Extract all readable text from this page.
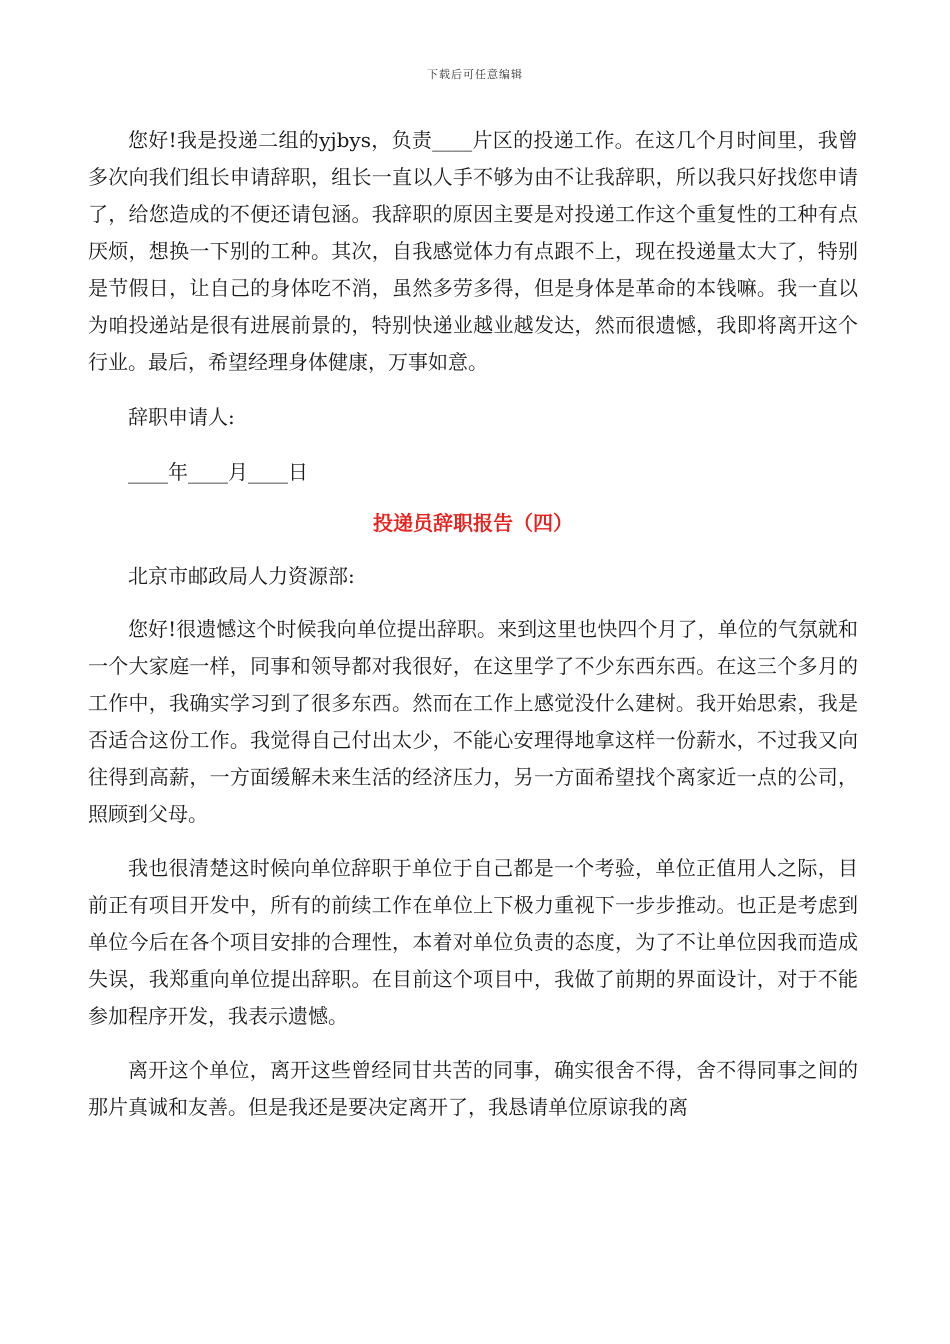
下载后可任意编辑

您好!我是投递二组的yjbys，负责____片区的投递工作。在这几个月时间里，我曾多次向我们组长申请辞职，组长一直以人手不够为由不让我辞职，所以我只好找您申请了，给您造成的不便还请包涵。我辞职的原因主要是对投递工作这个重复性的工种有点厌烦，想换一下别的工种。其次，自我感觉体力有点跟不上，现在投递量太大了，特别是节假日，让自己的身体吃不消，虽然多劳多得，但是身体是革命的本钱嘛。我一直以为咱投递站是很有进展前景的，特别快递业越业越发达，然而很遗憾，我即将离开这个行业。最后，希望经理身体健康，万事如意。

辞职申请人:

____年____月____日

投递员辞职报告（四）

北京市邮政局人力资源部:

您好!很遗憾这个时候我向单位提出辞职。来到这里也快四个月了，单位的气氛就和一个大家庭一样，同事和领导都对我很好，在这里学了不少东西东西。在这三个多月的工作中，我确实学习到了很多东西。然而在工作上感觉没什么建树。我开始思索，我是否适合这份工作。我觉得自己付出太少，不能心安理得地拿这样一份薪水，不过我又向往得到高薪，一方面缓解未来生活的经济压力，另一方面希望找个离家近一点的公司，照顾到父母。

我也很清楚这时候向单位辞职于单位于自己都是一个考验，单位正值用人之际，目前正有项目开发中，所有的前续工作在单位上下极力重视下一步步推动。也正是考虑到单位今后在各个项目安排的合理性，本着对单位负责的态度，为了不让单位因我而造成失误，我郑重向单位提出辞职。在目前这个项目中，我做了前期的界面设计，对于不能参加程序开发，我表示遗憾。

离开这个单位，离开这些曾经同甘共苦的同事，确实很舍不得，舍不得同事之间的那片真诚和友善。但是我还是要决定离开了，我恳请单位原谅我的离
